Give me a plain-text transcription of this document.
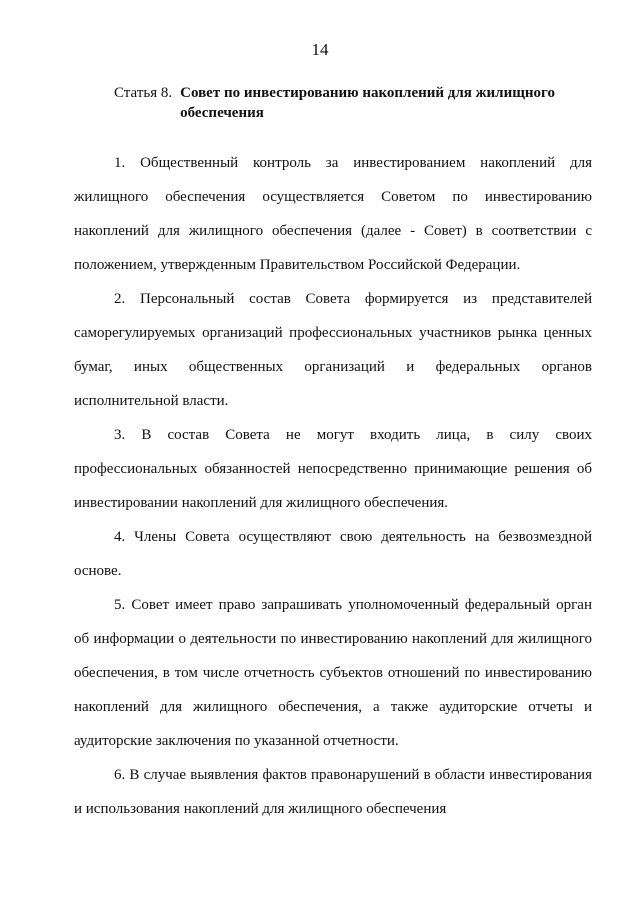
14
Статья 8. Совет по инвестированию накоплений для жилищного обеспечения

1. Общественный контроль за инвестированием накоплений для жилищного обеспечения осуществляется Советом по инвестированию накоплений для жилищного обеспечения (далее - Совет) в соответствии с положением, утвержденным Правительством Российской Федерации.

2. Персональный состав Совета формируется из представителей саморегулируемых организаций профессиональных участников рынка ценных бумаг, иных общественных организаций и федеральных органов исполнительной власти.

3. В состав Совета не могут входить лица, в силу своих профессиональных обязанностей непосредственно принимающие решения об инвестировании накоплений для жилищного обеспечения.

4. Члены Совета осуществляют свою деятельность на безвозмездной основе.

5. Совет имеет право запрашивать уполномоченный федеральный орган об информации о деятельности по инвестированию накоплений для жилищного обеспечения, в том числе отчетность субъектов отношений по инвестированию накоплений для жилищного обеспечения, а также аудиторские отчеты и аудиторские заключения по указанной отчетности.

6. В случае выявления фактов правонарушений в области инвестирования и использования накоплений для жилищного обеспечения
